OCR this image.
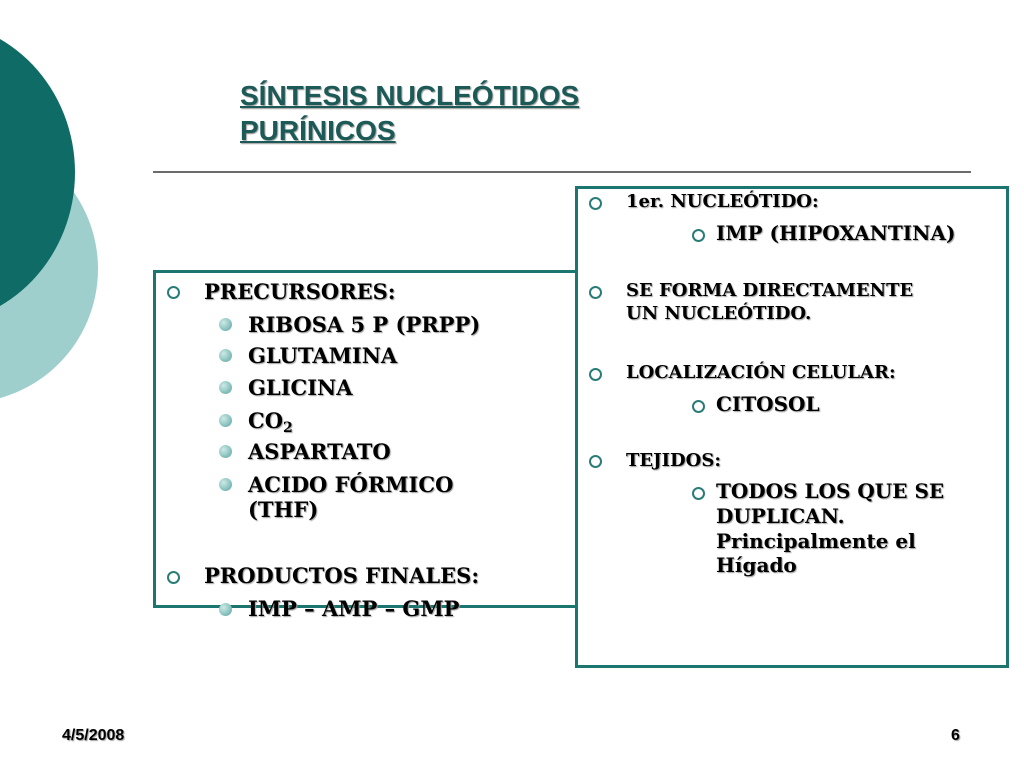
SÍNTESIS NUCLEÓTIDOS
PURÍNICOS
PRECURSORES:
RIBOSA 5 P (PRPP)
GLUTAMINA
GLICINA
$CO_2$
ASPARTATO
ACIDO FÓRMICO
(THF)
PRODUCTOS FINALES:
IMP – AMP – GMP
1er. NUCLEÓTIDO:
IMP (HIPOXANTINA)
SE FORMA DIRECTAMENTE
UN NUCLEÓTIDO.
LOCALIZACIÓN CELULAR:
CITOSOL
TEJIDOS:
TODOS LOS QUE SE
DUPLICAN.
Principalmente el
Hígado
4/5/2008	6
